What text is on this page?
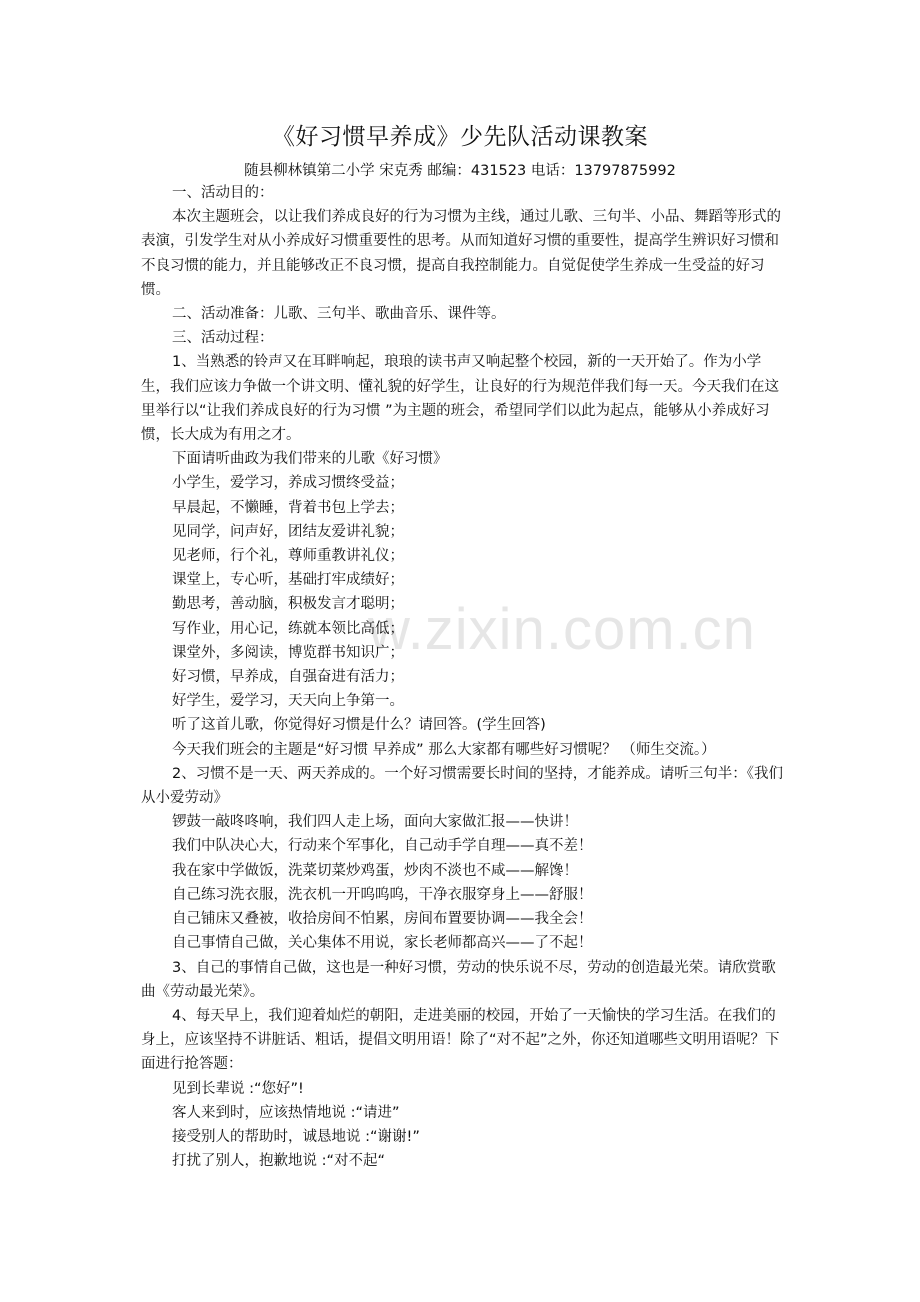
《好习惯早养成》少先队活动课教案
随县柳林镇第二小学 宋克秀 邮编：431523 电话：13797875992
w.zixin.com.cn

一、活动目的：

本次主题班会，以让我们养成良好的行为习惯为主线，通过儿歌、三句半、小品、舞蹈等形式的表演，引发学生对从小养成好习惯重要性的思考。从而知道好习惯的重要性，提高学生辨识好习惯和不良习惯的能力，并且能够改正不良习惯，提高自我控制能力。自觉促使学生养成一生受益的好习惯。

二、活动准备：儿歌、三句半、歌曲音乐、课件等。

三、活动过程：

1、当熟悉的铃声又在耳畔响起，琅琅的读书声又响起整个校园，新的一天开始了。作为小学生，我们应该力争做一个讲文明、懂礼貌的好学生，让良好的行为规范伴我们每一天。今天我们在这里举行以“让我们养成良好的行为习惯 ”为主题的班会，希望同学们以此为起点，能够从小养成好习惯，长大成为有用之才。

下面请听曲政为我们带来的儿歌《好习惯》

小学生，爱学习，养成习惯终受益；

早晨起，不懒睡，背着书包上学去；

见同学，问声好，团结友爱讲礼貌；

见老师，行个礼，尊师重教讲礼仪；

课堂上，专心听，基础打牢成绩好；

勤思考，善动脑，积极发言才聪明；

写作业，用心记，练就本领比高低；

课堂外，多阅读，博览群书知识广；

好习惯，早养成，自强奋进有活力；

好学生，爱学习，天天向上争第一。

听了这首儿歌，你觉得好习惯是什么？请回答。(学生回答)

今天我们班会的主题是“好习惯 早养成” 那么大家都有哪些好习惯呢？ （师生交流。）

2、习惯不是一天、两天养成的。一个好习惯需要长时间的坚持，才能养成。请听三句半：《我们从小爱劳动》

锣鼓一敲咚咚响，我们四人走上场，面向大家做汇报——快讲！

我们中队决心大，行动来个军事化，自己动手学自理——真不差！

我在家中学做饭，洗菜切菜炒鸡蛋，炒肉不淡也不咸——解馋！

自己练习洗衣服，洗衣机一开呜呜呜，干净衣服穿身上——舒服！

自己铺床又叠被，收拾房间不怕累，房间布置要协调——我全会！

自己事情自己做，关心集体不用说，家长老师都高兴——了不起！

3、自己的事情自己做，这也是一种好习惯，劳动的快乐说不尽，劳动的创造最光荣。请欣赏歌曲《劳动最光荣》。

4、每天早上，我们迎着灿烂的朝阳，走进美丽的校园，开始了一天愉快的学习生活。在我们的身上，应该坚持不讲脏话、粗话，提倡文明用语！除了“对不起”之外，你还知道哪些文明用语呢？下面进行抢答题：

见到长辈说 :“您好”!

客人来到时，应该热情地说 :“请进”

接受别人的帮助时，诚恳地说 :“谢谢!”

打扰了别人，抱歉地说 :“对不起“
